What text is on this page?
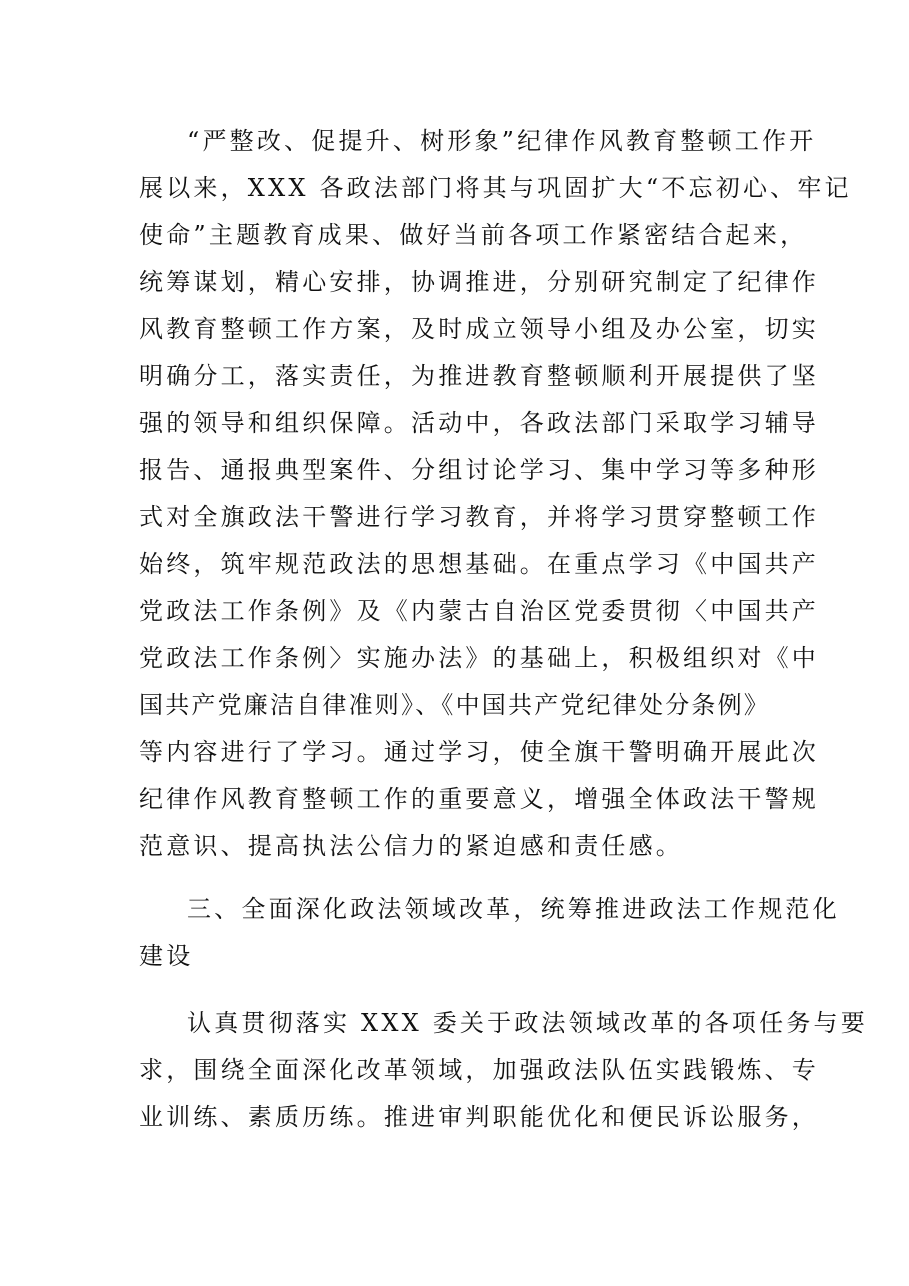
“严整改、促提升、树形象”纪律作风教育整顿工作开
展以来，XXX 各政法部门将其与巩固扩大“不忘初心、牢记
使命”主题教育成果、做好当前各项工作紧密结合起来，
统筹谋划，精心安排，协调推进，分别研究制定了纪律作
风教育整顿工作方案，及时成立领导小组及办公室，切实
明确分工，落实责任，为推进教育整顿顺利开展提供了坚
强的领导和组织保障。活动中，各政法部门采取学习辅导
报告、通报典型案件、分组讨论学习、集中学习等多种形
式对全旗政法干警进行学习教育，并将学习贯穿整顿工作
始终，筑牢规范政法的思想基础。在重点学习《中国共产
党政法工作条例》及《内蒙古自治区党委贯彻〈中国共产
党政法工作条例〉实施办法》的基础上，积极组织对《中
国共产党廉洁自律准则》、《中国共产党纪律处分条例》
等内容进行了学习。通过学习，使全旗干警明确开展此次
纪律作风教育整顿工作的重要意义，增强全体政法干警规
范意识、提高执法公信力的紧迫感和责任感。
三、全面深化政法领域改革，统筹推进政法工作规范化
建设
认真贯彻落实 XXX 委关于政法领域改革的各项任务与要
求，围绕全面深化改革领域，加强政法队伍实践锻炼、专
业训练、素质历练。推进审判职能优化和便民诉讼服务，
